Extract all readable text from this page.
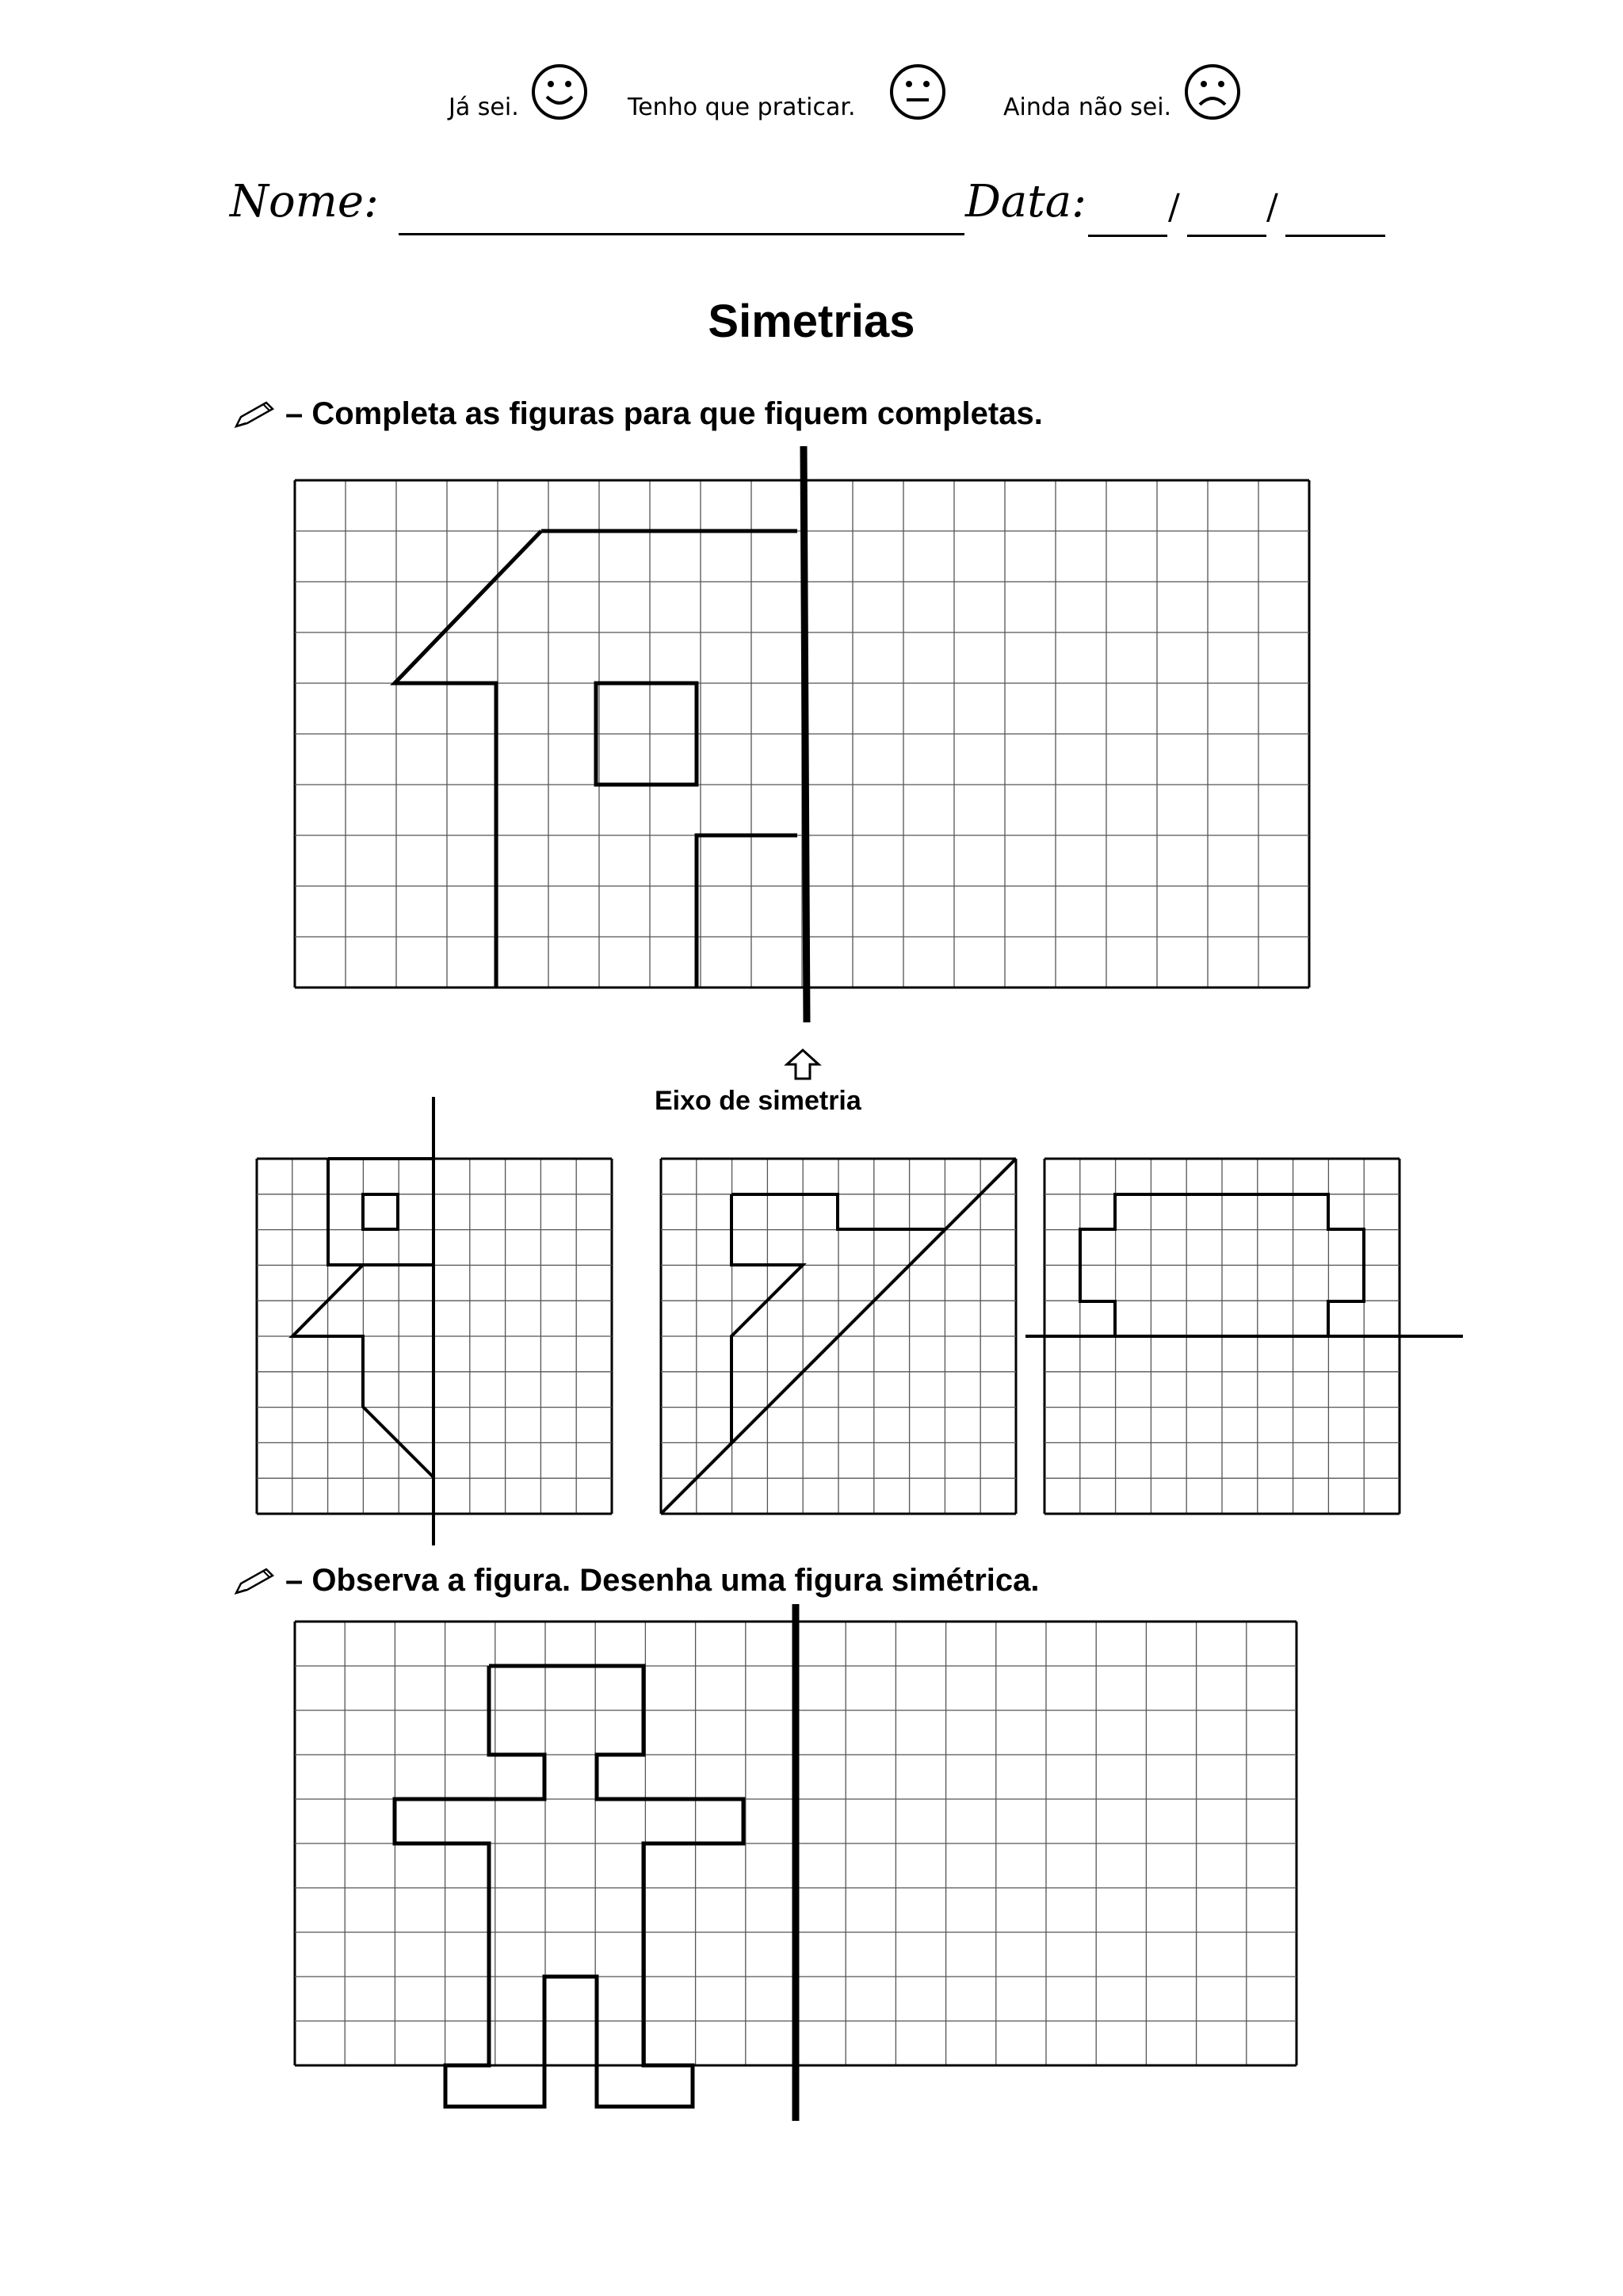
Já sei.	Tenho que praticar.	Ainda não sei.
Nome:	Data: / /
Simetrias
– Completa as figuras para que fiquem completas.
Eixo de simetria
– Observa a figura. Desenha uma figura simétrica.
